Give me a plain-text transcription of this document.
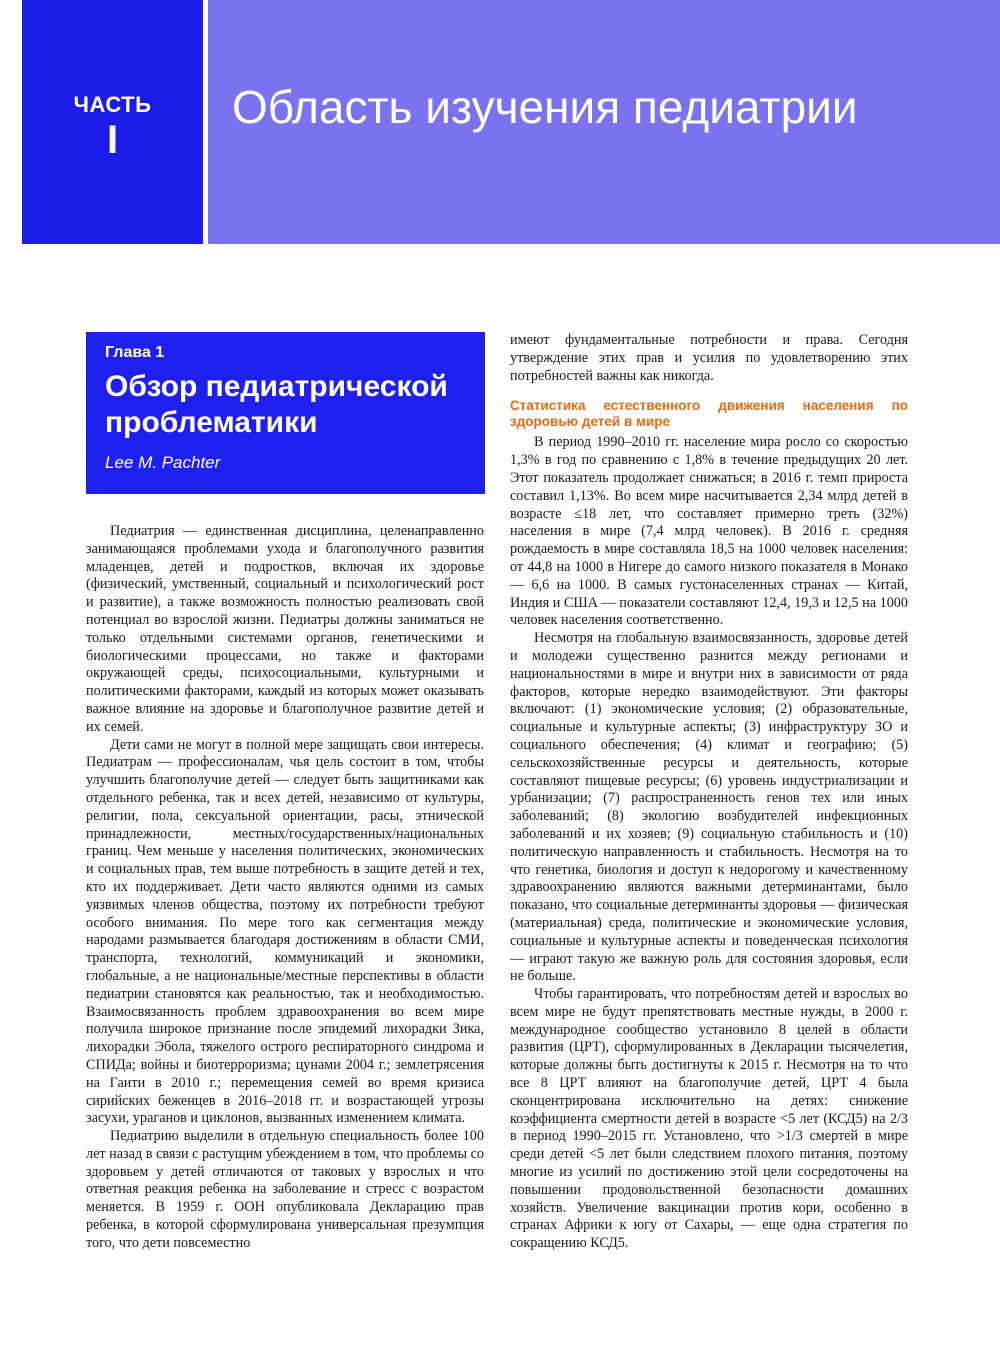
ЧАСТЬ
I
Область изучения педиатрии
Глава 1
Обзор педиатрической проблематики
Lee M. Pachter

Педиатрия — единственная дисциплина, целенаправленно занимающаяся проблемами ухода и благополучного развития младенцев, детей и подростков, включая их здоровье (физический, умственный, социальный и психологический рост и развитие), а также возможность полностью реализовать свой потенциал во взрослой жизни. Педиатры должны заниматься не только отдельными системами органов, генетическими и биологическими процессами, но также и факторами окружающей среды, психосоциальными, культурными и политическими факторами, каждый из которых может оказывать важное влияние на здоровье и благополучное развитие детей и их семей.

Дети сами не могут в полной мере защищать свои интересы. Педиатрам — профессионалам, чья цель состоит в том, чтобы улучшить благополучие детей — следует быть защитниками как отдельного ребенка, так и всех детей, независимо от культуры, религии, пола, сексуальной ориентации, расы, этнической принадлежности, местных/государственных/национальных границ. Чем меньше у населения политических, экономических и социальных прав, тем выше потребность в защите детей и тех, кто их поддерживает. Дети часто являются одними из самых уязвимых членов общества, поэтому их потребности требуют особого внимания. По мере того как сегментация между народами размывается благодаря достижениям в области СМИ, транспорта, технологий, коммуникаций и экономики, глобальные, а не национальные/местные перспективы в области педиатрии становятся как реальностью, так и необходимостью. Взаимосвязанность проблем здравоохранения во всем мире получила широкое признание после эпидемий лихорадки Зика, лихорадки Эбола, тяжелого острого респираторного синдрома и СПИДа; войны и биотерроризма; цунами 2004 г.; землетрясения на Гаити в 2010 г.; перемещения семей во время кризиса сирийских беженцев в 2016–2018 гг. и возрастающей угрозы засухи, ураганов и циклонов, вызванных изменением климата.

Педиатрию выделили в отдельную специальность более 100 лет назад в связи с растущим убеждением в том, что проблемы со здоровьем у детей отличаются от таковых у взрослых и что ответная реакция ребенка на заболевание и стресс с возрастом меняется. В 1959 г. ООН опубликовала Декларацию прав ребенка, в которой сформулирована универсальная презумпция того, что дети повсеместно

имеют фундаментальные потребности и права. Сегодня утверждение этих прав и усилия по удовлетворению этих потребностей важны как никогда.

Статистика естественного движения населения по здоровью детей в мире

В период 1990–2010 гг. население мира росло со скоростью 1,3% в год по сравнению с 1,8% в течение предыдущих 20 лет. Этот показатель продолжает снижаться; в 2016 г. темп прироста составил 1,13%. Во всем мире насчитывается 2,34 млрд детей в возрасте ≤18 лет, что составляет примерно треть (32%) населения в мире (7,4 млрд человек). В 2016 г. средняя рождаемость в мире составляла 18,5 на 1000 человек населения: от 44,8 на 1000 в Нигере до самого низкого показателя в Монако — 6,6 на 1000. В самых густонаселенных странах — Китай, Индия и США — показатели составляют 12,4, 19,3 и 12,5 на 1000 человек населения соответственно.

Несмотря на глобальную взаимосвязанность, здоровье детей и молодежи существенно разнится между регионами и национальностями в мире и внутри них в зависимости от ряда факторов, которые нередко взаимодействуют. Эти факторы включают: (1) экономические условия; (2) образовательные, социальные и культурные аспекты; (3) инфраструктуру ЗО и социального обеспечения; (4) климат и географию; (5) сельскохозяйственные ресурсы и деятельность, которые составляют пищевые ресурсы; (6) уровень индустриализации и урбанизации; (7) распространенность генов тех или иных заболеваний; (8) экологию возбудителей инфекционных заболеваний и их хозяев; (9) социальную стабильность и (10) политическую направленность и стабильность. Несмотря на то что генетика, биология и доступ к недорогому и качественному здравоохранению являются важными детерминантами, было показано, что социальные детерминанты здоровья — физическая (материальная) среда, политические и экономические условия, социальные и культурные аспекты и поведенческая психология — играют такую же важную роль для состояния здоровья, если не больше.

Чтобы гарантировать, что потребностям детей и взрослых во всем мире не будут препятствовать местные нужды, в 2000 г. международное сообщество установило 8 целей в области развития (ЦРТ), сформулированных в Декларации тысячелетия, которые должны быть достигнуты к 2015 г. Несмотря на то что все 8 ЦРТ влияют на благополучие детей, ЦРТ 4 была сконцентрирована исключительно на детях: снижение коэффициента смертности детей в возрасте <5 лет (КСД5) на 2/3 в период 1990–2015 гг. Установлено, что >1/3 смертей в мире среди детей <5 лет были следствием плохого питания, поэтому многие из усилий по достижению этой цели сосредоточены на повышении продовольственной безопасности домашних хозяйств. Увеличение вакцинации против кори, особенно в странах Африки к югу от Сахары, — еще одна стратегия по сокращению КСД5.
